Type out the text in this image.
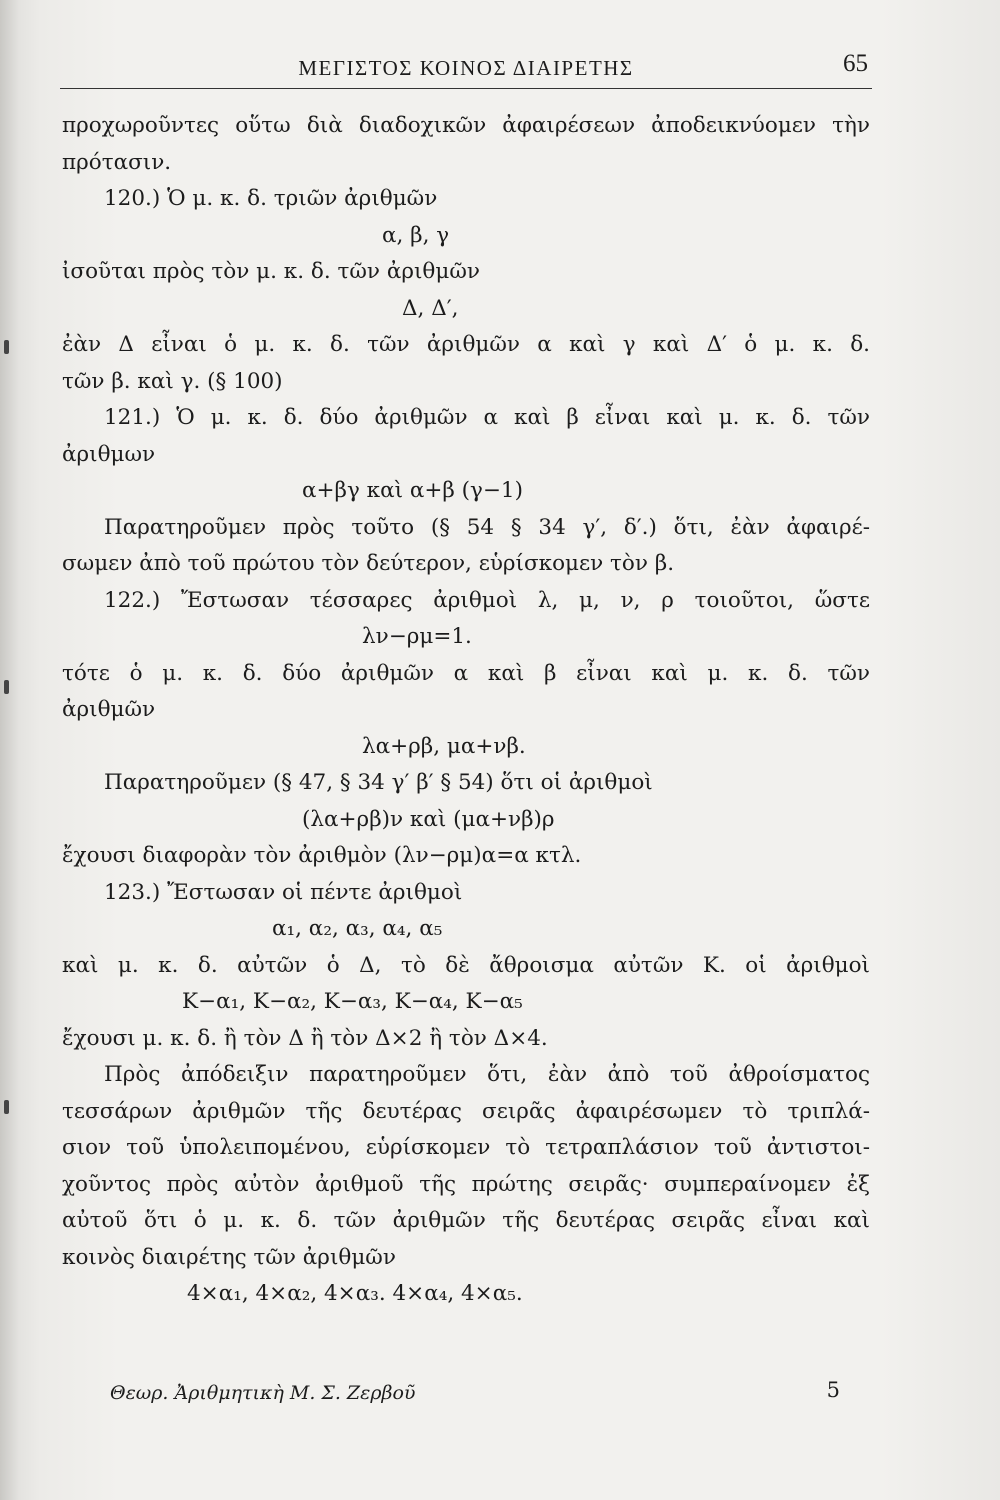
ΜΕΓΙΣΤΟΣ ΚΟΙΝΟΣ ΔΙΑΙΡΕΤΗΣ	65
προχωροῦντες οὕτω διὰ διαδοχικῶν ἀφαιρέσεων ἀποδεικνύομεν τὴν
πρότασιν.
120.) Ὁ μ. κ. δ. τριῶν ἀριθμῶν
α, β, γ
ἰσοῦται πρὸς τὸν μ. κ. δ. τῶν ἀριθμῶν
Δ, Δ′,
ἐὰν Δ εἶναι ὁ μ. κ. δ. τῶν ἀριθμῶν α καὶ γ καὶ Δ′ ὁ μ. κ. δ.
τῶν β. καὶ γ. (§ 100)
121.) Ὁ μ. κ. δ. δύο ἀριθμῶν α καὶ β εἶναι καὶ μ. κ. δ. τῶν
ἀριθμων
α+βγ καὶ α+β (γ−1)
Παρατηροῦμεν πρὸς τοῦτο (§ 54 § 34 γ′, δ′.) ὅτι, ἐὰν ἀφαιρέ-
σωμεν ἀπὸ τοῦ πρώτου τὸν δεύτερον, εὑρίσκομεν τὸν β.
122.) Ἔστωσαν τέσσαρες ἀριθμοὶ λ, μ, ν, ρ τοιοῦτοι, ὥστε
λν−ρμ=1.
τότε ὁ μ. κ. δ. δύο ἀριθμῶν α καὶ β εἶναι καὶ μ. κ. δ. τῶν
ἀριθμῶν
λα+ρβ, μα+νβ.
Παρατηροῦμεν (§ 47, § 34 γ′ β′ § 54) ὅτι οἱ ἀριθμοὶ
(λα+ρβ)ν καὶ (μα+νβ)ρ
ἔχουσι διαφορὰν τὸν ἀριθμὸν (λν−ρμ)α=α κτλ.
123.) Ἔστωσαν οἱ πέντε ἀριθμοὶ
α₁, α₂, α₃, α₄, α₅
καὶ μ. κ. δ. αὐτῶν ὁ Δ, τὸ δὲ ἄθροισμα αὐτῶν Κ. οἱ ἀριθμοὶ
Κ−α₁, Κ−α₂, Κ−α₃, Κ−α₄, Κ−α₅
ἔχουσι μ. κ. δ. ἢ τὸν Δ ἢ τὸν Δ×2 ἢ τὸν Δ×4.
Πρὸς ἀπόδειξιν παρατηροῦμεν ὅτι, ἐὰν ἀπὸ τοῦ ἀθροίσματος
τεσσάρων ἀριθμῶν τῆς δευτέρας σειρᾶς ἀφαιρέσωμεν τὸ τριπλά-
σιον τοῦ ὑπολειπομένου, εὑρίσκομεν τὸ τετραπλάσιον τοῦ ἀντιστοι-
χοῦντος πρὸς αὐτὸν ἀριθμοῦ τῆς πρώτης σειρᾶς· συμπεραίνομεν ἐξ
αὐτοῦ ὅτι ὁ μ. κ. δ. τῶν ἀριθμῶν τῆς δευτέρας σειρᾶς εἶναι καὶ
κοινὸς διαιρέτης τῶν ἀριθμῶν
4×α₁, 4×α₂, 4×α₃. 4×α₄, 4×α₅.
Θεωρ. Ἀριθμητικὴ Μ. Σ. Ζερβοῦ	5
